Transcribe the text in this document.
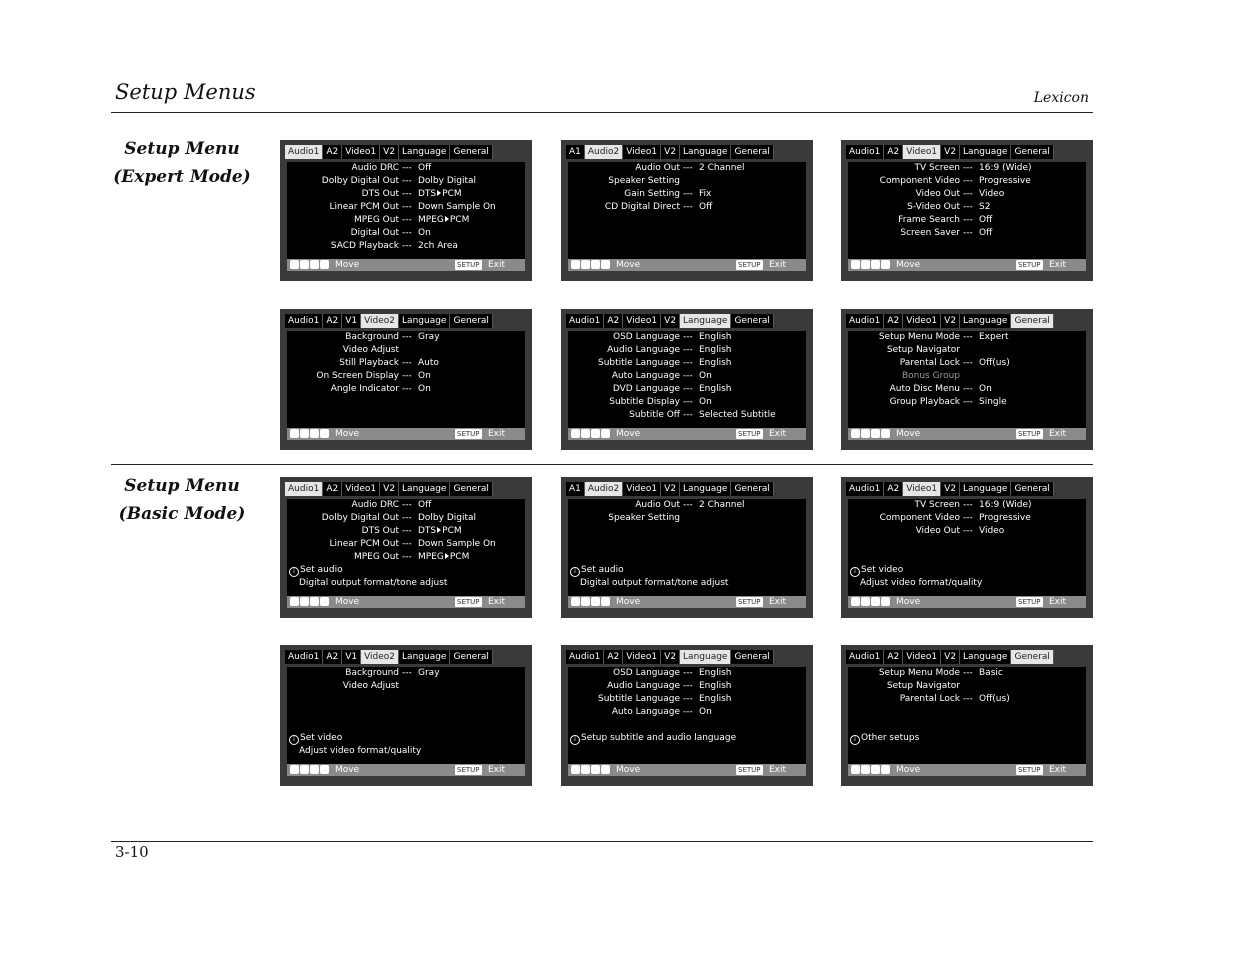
Setup Menus	Lexicon
Setup Menu
(Expert Mode)
Setup Menu
(Basic Mode)
Audio1 A2 Video1 V2 Language General
Audio DRC --- Off
Dolby Digital Out --- Dolby Digital
DTS Out --- DTS PCM
Linear PCM Out --- Down Sample On
MPEG Out --- MPEG PCM
Digital Out --- On
SACD Playback --- 2ch Area
Move	SETUP Exit
A1 Audio2 Video1 V2 Language General
Audio Out --- 2 Channel
Speaker Setting
Gain Setting --- Fix
CD Digital Direct --- Off
Move	SETUP Exit
Audio1 A2 Video1 V2 Language General
TV Screen --- 16:9 (Wide)
Component Video --- Progressive
Video Out --- Video
S-Video Out --- S2
Frame Search --- Off
Screen Saver --- Off
Move	SETUP Exit
Audio1 A2 V1 Video2 Language General
Background --- Gray
Video Adjust
Still Playback --- Auto
On Screen Display --- On
Angle Indicator --- On
Move	SETUP Exit
Audio1 A2 Video1 V2 Language General
OSD Language --- English
Audio Language --- English
Subtitle Language --- English
Auto Language --- On
DVD Language --- English
Subtitle Display --- On
Subtitle Off --- Selected Subtitle
Move	SETUP Exit
Audio1 A2 Video1 V2 Language General
Setup Menu Mode --- Expert
Setup Navigator
Parental Lock --- Off(us)
Bonus Group
Auto Disc Menu --- On
Group Playback --- Single
Move	SETUP Exit
Audio1 A2 Video1 V2 Language General
Audio DRC --- Off
Dolby Digital Out --- Dolby Digital
DTS Out --- DTS PCM
Linear PCM Out --- Down Sample On
MPEG Out --- MPEG PCM
i Set audio
Digital output format/tone adjust
Move	SETUP Exit
A1 Audio2 Video1 V2 Language General
Audio Out --- 2 Channel
Speaker Setting
i Set audio
Digital output format/tone adjust
Move	SETUP Exit
Audio1 A2 Video1 V2 Language General
TV Screen --- 16:9 (Wide)
Component Video --- Progressive
Video Out --- Video
i Set video
Adjust video format/quality
Move	SETUP Exit
Audio1 A2 V1 Video2 Language General
Background --- Gray
Video Adjust
i Set video
Adjust video format/quality
Move	SETUP Exit
Audio1 A2 Video1 V2 Language General
OSD Language --- English
Audio Language --- English
Subtitle Language --- English
Auto Language --- On
i Setup subtitle and audio language
Move	SETUP Exit
Audio1 A2 Video1 V2 Language General
Setup Menu Mode --- Basic
Setup Navigator
Parental Lock --- Off(us)
i Other setups
Move	SETUP Exit
3-10
